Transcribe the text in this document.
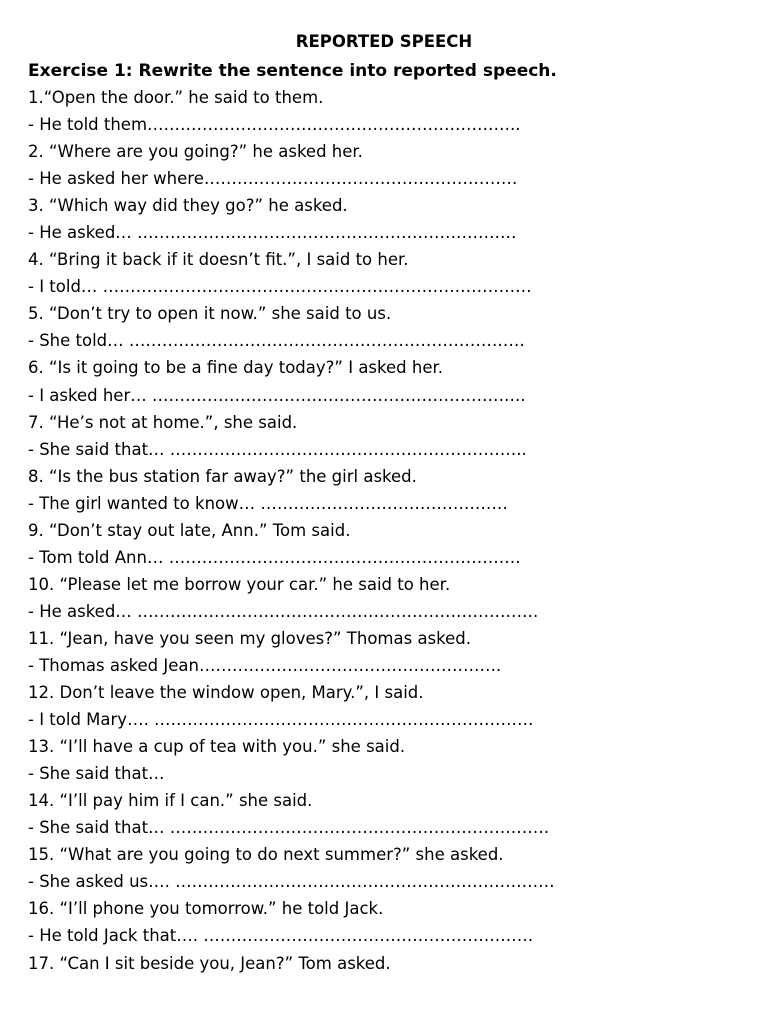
REPORTED SPEECH
Exercise 1: Rewrite the sentence into reported speech.
1.“Open the door.” he said to them.
- He told them…………………………………………………………..
2. “Where are you going?” he asked her.
- He asked her where…………………………………………………
3. “Which way did they go?” he asked.
- He asked… ……………………………………………………………
4. “Bring it back if it doesn’t fit.”, I said to her.
- I told… ……………………………………………………………………
5. “Don’t try to open it now.” she said to us.
- She told… ………………………………………………………………
6. “Is it going to be a fine day today?” I asked her.
- I asked her… …………………………………………………………..
7. “He’s not at home.”, she said.
- She said that… ………………………………………………………..
8. “Is the bus station far away?” the girl asked.
- The girl wanted to know… ………………………………………
9. “Don’t stay out late, Ann.” Tom said.
- Tom told Ann… ……………………………………………………….
10. “Please let me borrow your car.” he said to her.
- He asked… ……………………………………………………………….
11. “Jean, have you seen my gloves?” Thomas asked.
- Thomas asked Jean……………………………………………….
12. Don’t leave the window open, Mary.”, I said.
- I told Mary…. ……………………………………………………………
13. “I’ll have a cup of tea with you.” she said.
- She said that…
14. “I’ll pay him if I can.” she said.
- She said that… ……………………………………………………………
15. “What are you going to do next summer?” she asked.
- She asked us…. ……………………………………………………………
16. “I’ll phone you tomorrow.” he told Jack.
- He told Jack that…. ……………………………………………………
17. “Can I sit beside you, Jean?” Tom asked.
